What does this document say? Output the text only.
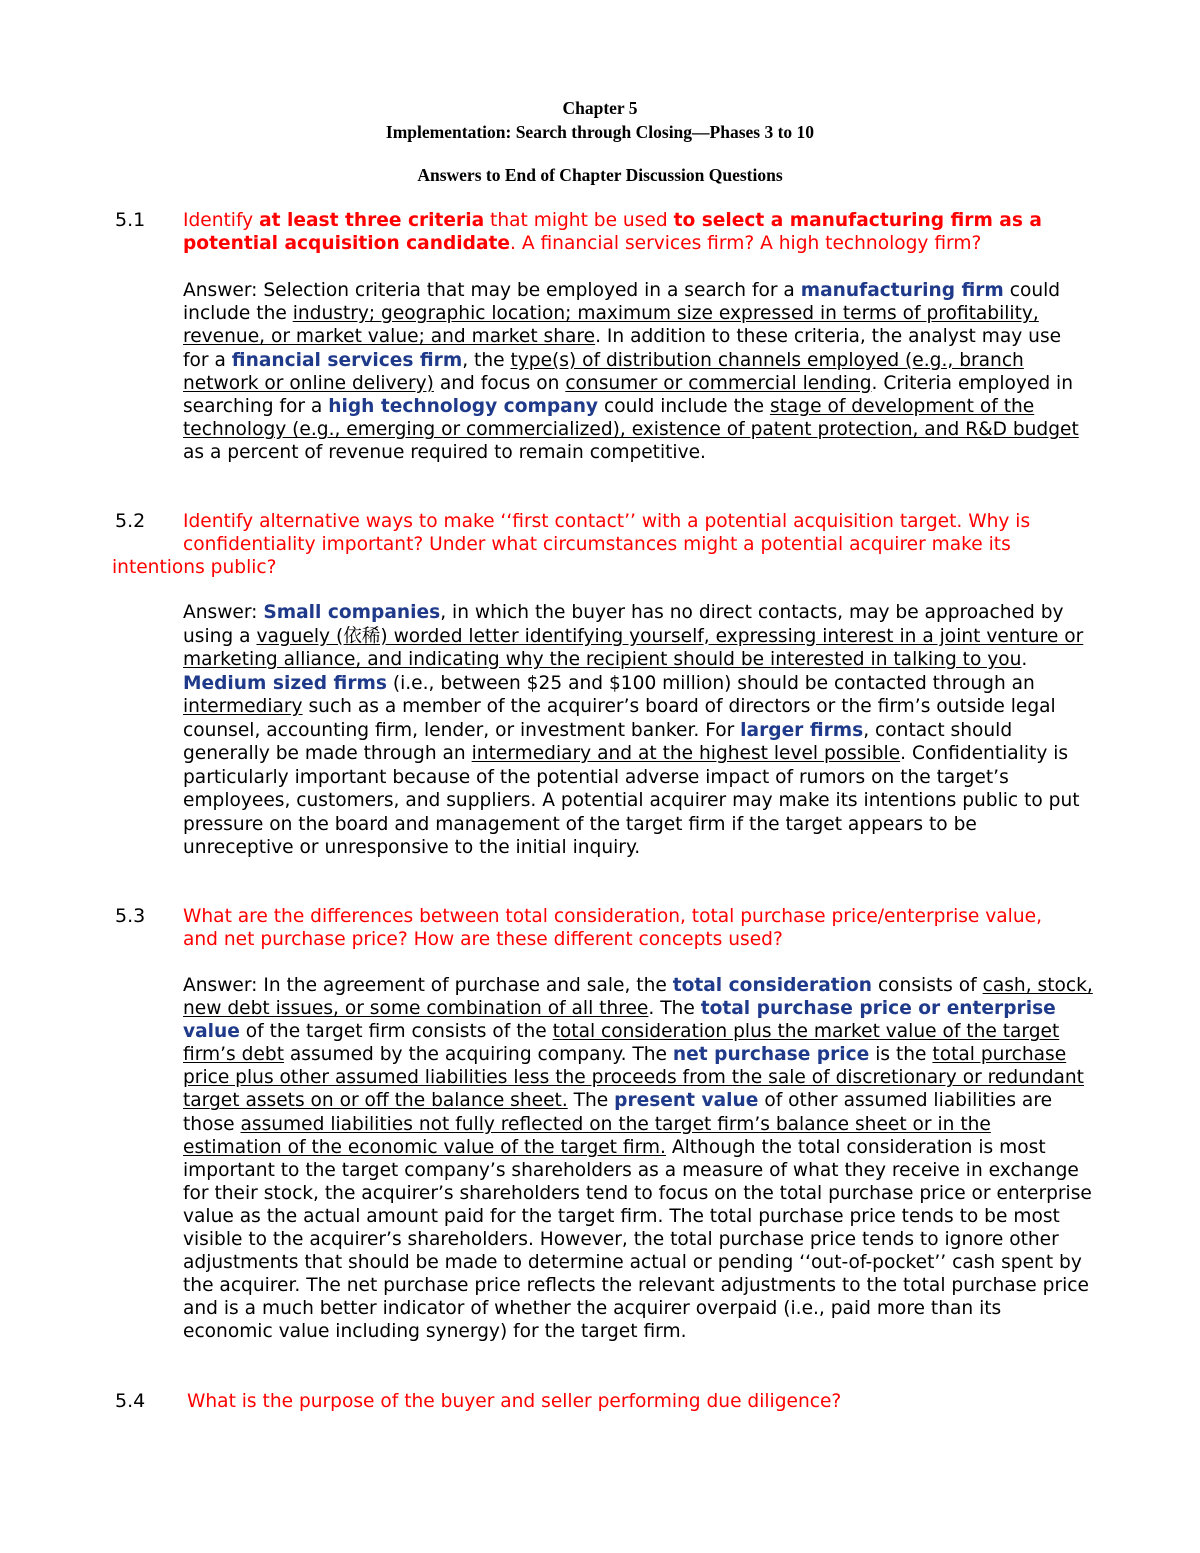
Chapter 5
Implementation: Search through Closing—Phases 3 to 10
Answers to End of Chapter Discussion Questions
5.1 Identify at least three criteria that might be used to select a manufacturing firm as a potential acquisition candidate. A financial services firm? A high technology firm?
Answer: Selection criteria that may be employed in a search for a manufacturing firm could include the industry; geographic location; maximum size expressed in terms of profitability, revenue, or market value; and market share. In addition to these criteria, the analyst may use for a financial services firm, the type(s) of distribution channels employed (e.g., branch network or online delivery) and focus on consumer or commercial lending. Criteria employed in searching for a high technology company could include the stage of development of the technology (e.g., emerging or commercialized), existence of patent protection, and R&D budget as a percent of revenue required to remain competitive.
5.2 Identify alternative ways to make ‘‘first contact’’ with a potential acquisition target. Why is
confidentiality important? Under what circumstances might a potential acquirer make its
intentions public?
Answer: Small companies, in which the buyer has no direct contacts, may be approached by using a vaguely (依稀) worded letter identifying yourself, expressing interest in a joint venture or marketing alliance, and indicating why the recipient should be interested in talking to you. Medium sized firms (i.e., between $25 and $100 million) should be contacted through an intermediary such as a member of the acquirer’s board of directors or the firm’s outside legal counsel, accounting firm, lender, or investment banker. For larger firms, contact should generally be made through an intermediary and at the highest level possible. Confidentiality is particularly important because of the potential adverse impact of rumors on the target’s employees, customers, and suppliers. A potential acquirer may make its intentions public to put pressure on the board and management of the target firm if the target appears to be unreceptive or unresponsive to the initial inquiry.
5.3 What are the differences between total consideration, total purchase price/enterprise value, and net purchase price? How are these different concepts used?
Answer: In the agreement of purchase and sale, the total consideration consists of cash, stock, new debt issues, or some combination of all three. The total purchase price or enterprise value of the target firm consists of the total consideration plus the market value of the target firm’s debt assumed by the acquiring company. The net purchase price is the total purchase price plus other assumed liabilities less the proceeds from the sale of discretionary or redundant target assets on or off the balance sheet. The present value of other assumed liabilities are those assumed liabilities not fully reflected on the target firm’s balance sheet or in the estimation of the economic value of the target firm. Although the total consideration is most important to the target company’s shareholders as a measure of what they receive in exchange for their stock, the acquirer’s shareholders tend to focus on the total purchase price or enterprise value as the actual amount paid for the target firm. The total purchase price tends to be most visible to the acquirer’s shareholders. However, the total purchase price tends to ignore other adjustments that should be made to determine actual or pending ‘‘out-of-pocket’’ cash spent by the acquirer. The net purchase price reflects the relevant adjustments to the total purchase price and is a much better indicator of whether the acquirer overpaid (i.e., paid more than its economic value including synergy) for the target firm.
5.4 What is the purpose of the buyer and seller performing due diligence?
